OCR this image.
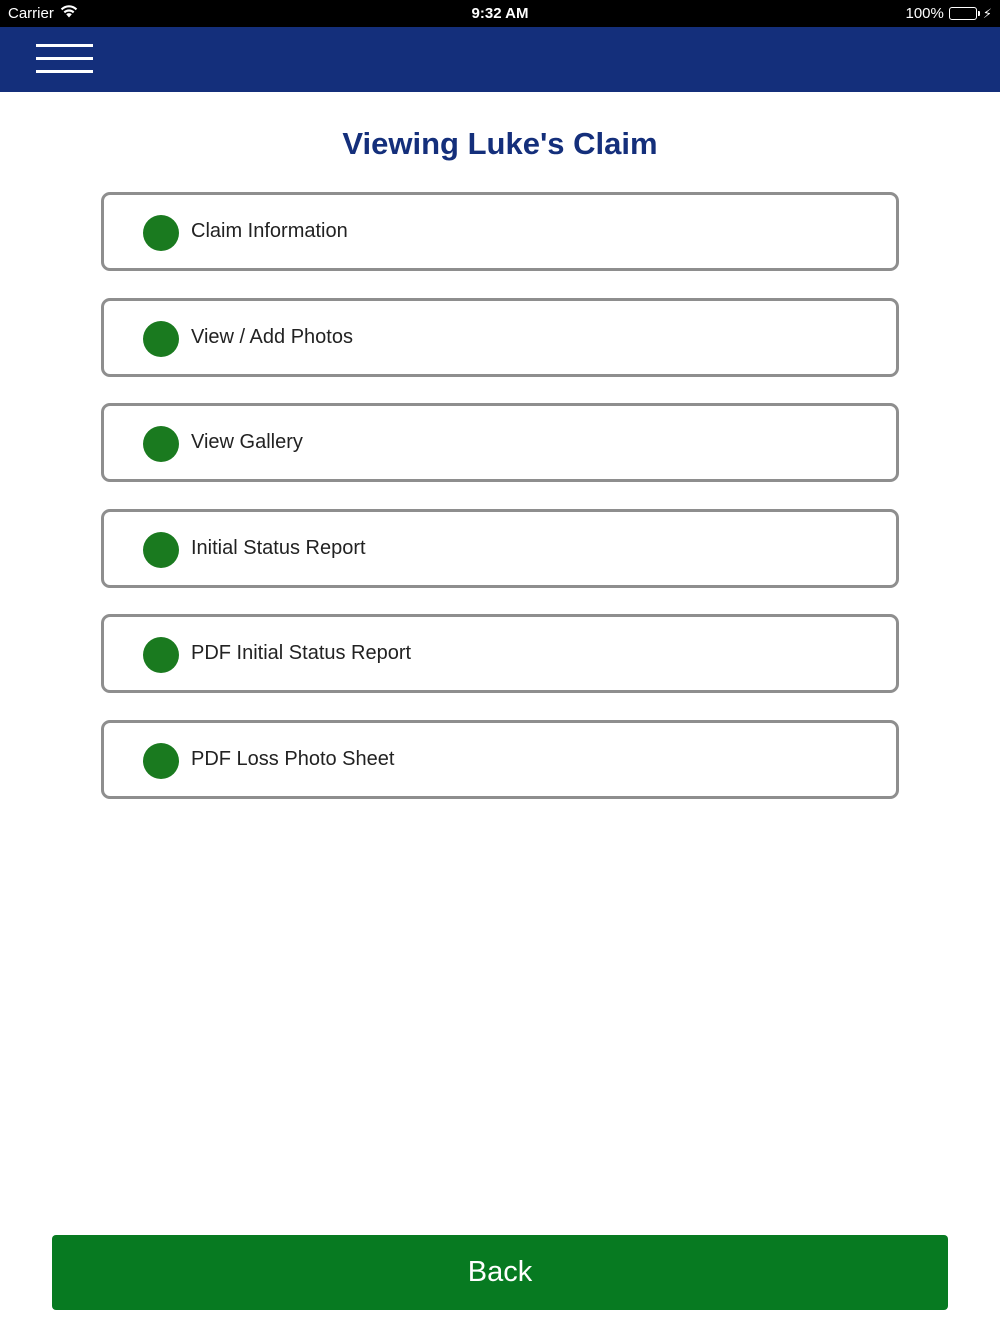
Carrier	9:32 AM	100%	⚡
Viewing Luke's Claim
Claim Information
View / Add Photos
View Gallery
Initial Status Report
PDF Initial Status Report
PDF Loss Photo Sheet
Back
